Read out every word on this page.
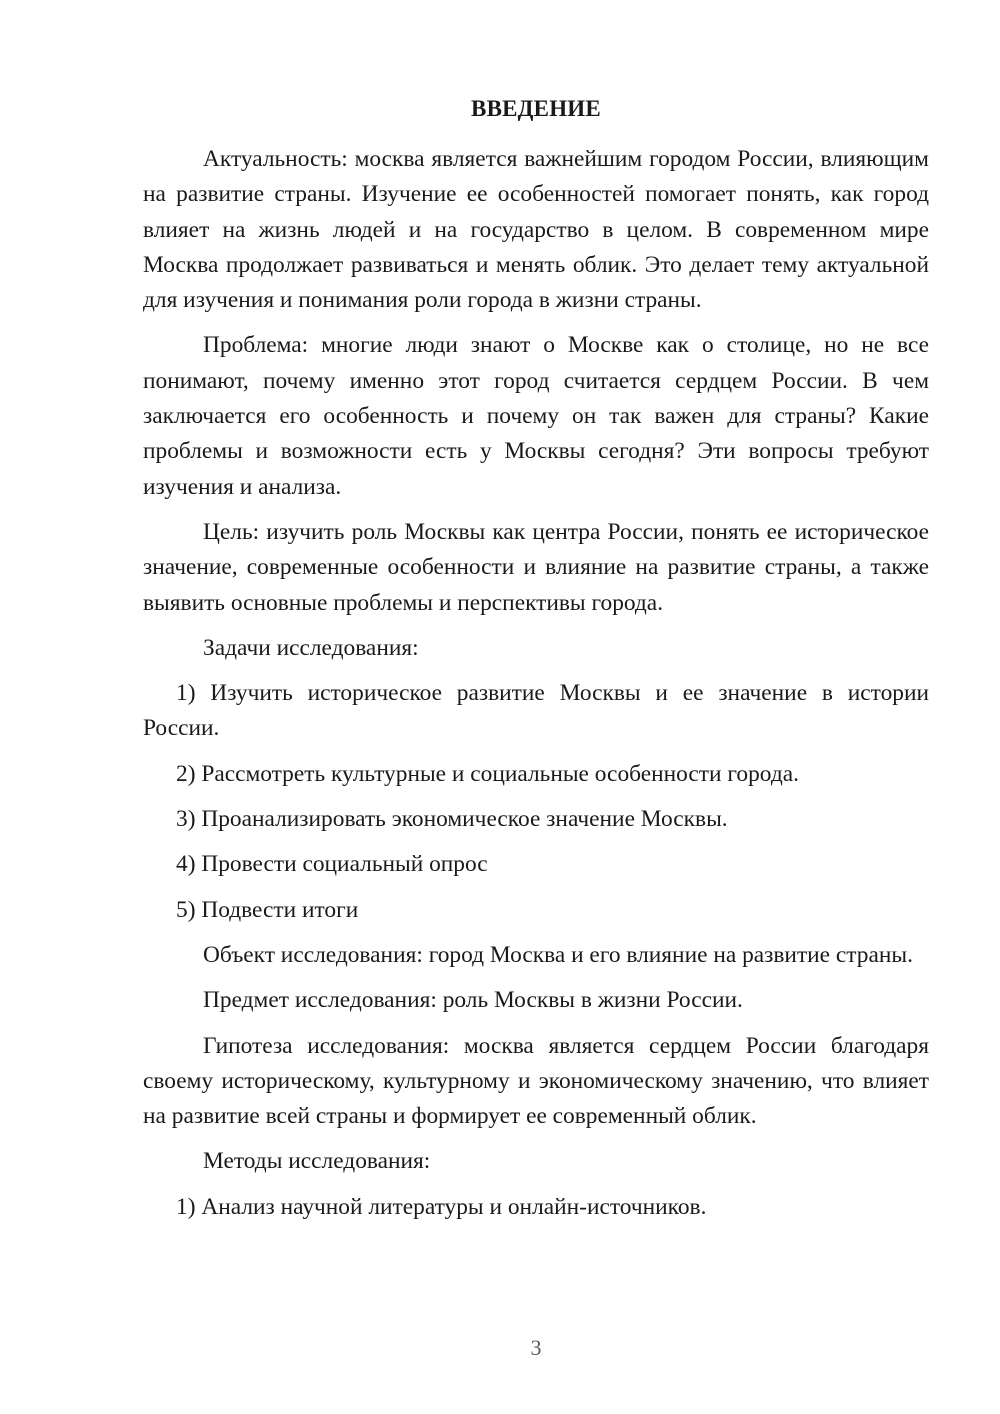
ВВЕДЕНИЕ

Актуальность: москва является важнейшим городом России, влияющим на развитие страны. Изучение ее особенностей помогает понять, как город влияет на жизнь людей и на государство в целом. В современном мире Москва продолжает развиваться и менять облик. Это делает тему актуальной для изучения и понимания роли города в жизни страны.

Проблема: многие люди знают о Москве как о столице, но не все понимают, почему именно этот город считается сердцем России. В чем заключается его особенность и почему он так важен для страны? Какие проблемы и возможности есть у Москвы сегодня? Эти вопросы требуют изучения и анализа.

Цель: изучить роль Москвы как центра России, понять ее историческое значение, современные особенности и влияние на развитие страны, а также выявить основные проблемы и перспективы города.

Задачи исследования:

1) Изучить историческое развитие Москвы и ее значение в истории России.

2) Рассмотреть культурные и социальные особенности города.

3) Проанализировать экономическое значение Москвы.

4) Провести социальный опрос

5) Подвести итоги

Объект исследования: город Москва и его влияние на развитие страны.

Предмет исследования: роль Москвы в жизни России.

Гипотеза исследования: москва является сердцем России благодаря своему историческому, культурному и экономическому значению, что влияет на развитие всей страны и формирует ее современный облик.

Методы исследования:

1) Анализ научной литературы и онлайн-источников.

3
